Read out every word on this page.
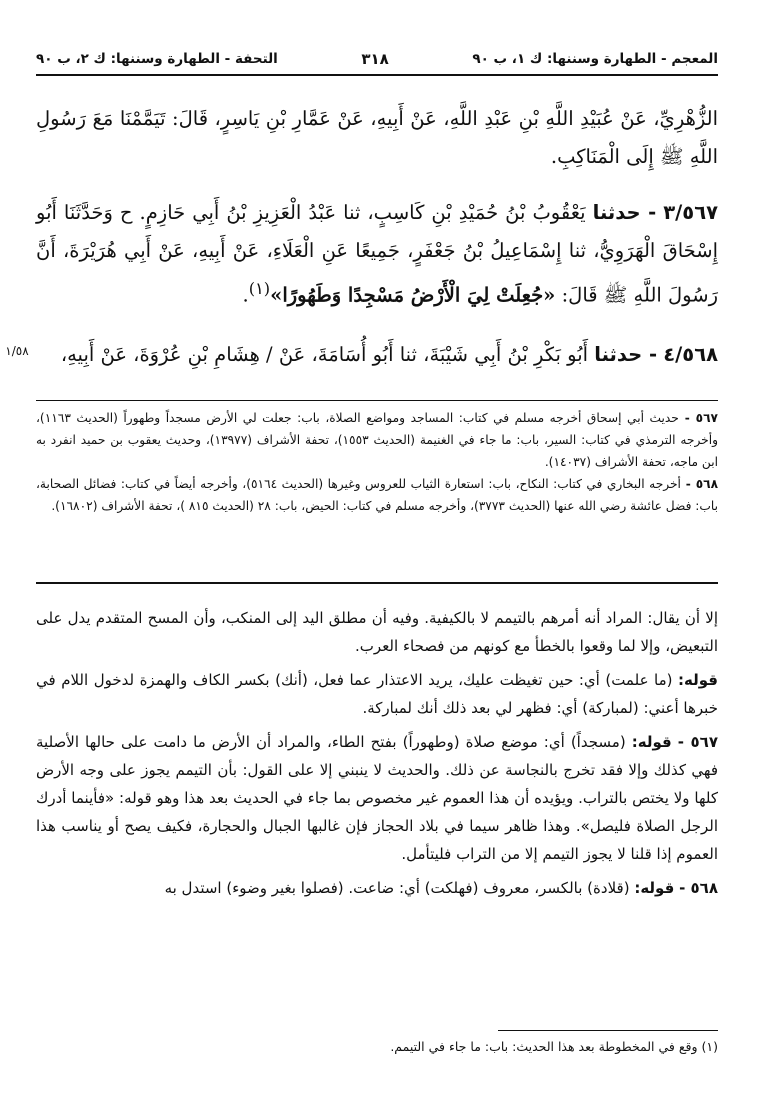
المعجم - الطهارة وسننها: ك ١، ب ٩٠
٣١٨
التحفة - الطهارة وسننها: ك ٢، ب ٩٠

الزُّهْرِيِّ، عَنْ عُبَيْدِ اللَّهِ بْنِ عَبْدِ اللَّهِ، عَنْ أَبِيهِ، عَنْ عَمَّارِ بْنِ يَاسِرٍ، قَالَ: تَيَمَّمْنَا مَعَ رَسُولِ اللَّهِ ﷺ إِلَى الْمَنَاكِبِ.

٣/٥٦٧ - حدثنا يَعْقُوبُ بْنُ حُمَيْدِ بْنِ كَاسِبٍ، ثنا عَبْدُ الْعَزِيزِ بْنُ أَبِي حَازِمٍ. ح وَحَدَّثَنَا أَبُو إِسْحَاقَ الْهَرَوِيُّ، ثنا إِسْمَاعِيلُ بْنُ جَعْفَرٍ، جَمِيعًا عَنِ الْعَلَاءِ، عَنْ أَبِيهِ، عَنْ أَبِي هُرَيْرَةَ، أَنَّ رَسُولَ اللَّهِ ﷺ قَالَ: «جُعِلَتْ لِيَ الْأَرْضُ مَسْجِدًا وَطَهُورًا»$^{(١)}$.

٤/٥٦٨ - حدثنا أَبُو بَكْرِ بْنُ أَبِي شَيْبَةَ، ثنا أَبُو أُسَامَةَ، عَنْ / هِشَامِ بْنِ عُرْوَةَ، عَنْ أَبِيهِ،

١/٥٨

٥٦٧ - حديث أبي إسحاق أخرجه مسلم في كتاب: المساجد ومواضع الصلاة، باب: جعلت لي الأرض مسجداً وطهوراً (الحديث ١١٦٣)، وأخرجه الترمذي في كتاب: السير، باب: ما جاء في الغنيمة (الحديث ١٥٥٣)، تحفة الأشراف (١٣٩٧٧)، وحديث يعقوب بن حميد انفرد به ابن ماجه، تحفة الأشراف (١٤٠٣٧).

٥٦٨ - أخرجه البخاري في كتاب: النكاح، باب: استعارة الثياب للعروس وغيرها (الحديث ٥١٦٤)، وأخرجه أيضاً في كتاب: فضائل الصحابة، باب: فضل عائشة رضي الله عنها (الحديث ٣٧٧٣)، وأخرجه مسلم في كتاب: الحيض، باب: ٢٨ (الحديث ٨١٥ )، تحفة الأشراف (١٦٨٠٢).

إلا أن يقال: المراد أنه أمرهم بالتيمم لا بالكيفية. وفيه أن مطلق اليد إلى المنكب، وأن المسح المتقدم يدل على التبعيض، وإلا لما وقعوا بالخطأ مع كونهم من فصحاء العرب.

قوله: (ما علمت) أي: حين تغيظت عليك، يريد الاعتذار عما فعل، (أنك) بكسر الكاف والهمزة لدخول اللام في خبرها أعني: (لمباركة) أي: فظهر لي بعد ذلك أنك لمباركة.

٥٦٧ - قوله: (مسجداً) أي: موضع صلاة (وطهوراً) بفتح الطاء، والمراد أن الأرض ما دامت على حالها الأصلية فهي كذلك وإلا فقد تخرج بالنجاسة عن ذلك. والحديث لا ينبني إلا على القول: بأن التيمم يجوز على وجه الأرض كلها ولا يختص بالتراب. ويؤيده أن هذا العموم غير مخصوص بما جاء في الحديث بعد هذا وهو قوله: «فأينما أدرك الرجل الصلاة فليصل». وهذا ظاهر سيما في بلاد الحجاز فإن غالبها الجبال والحجارة، فكيف يصح أو يناسب هذا العموم إذا قلنا لا يجوز التيمم إلا من التراب فليتأمل.

٥٦٨ - قوله: (قلادة) بالكسر، معروف (فهلكت) أي: ضاعت. (فصلوا بغير وضوء) استدل به

(١) وقع في المخطوطة بعد هذا الحديث: باب: ما جاء في التيمم.
